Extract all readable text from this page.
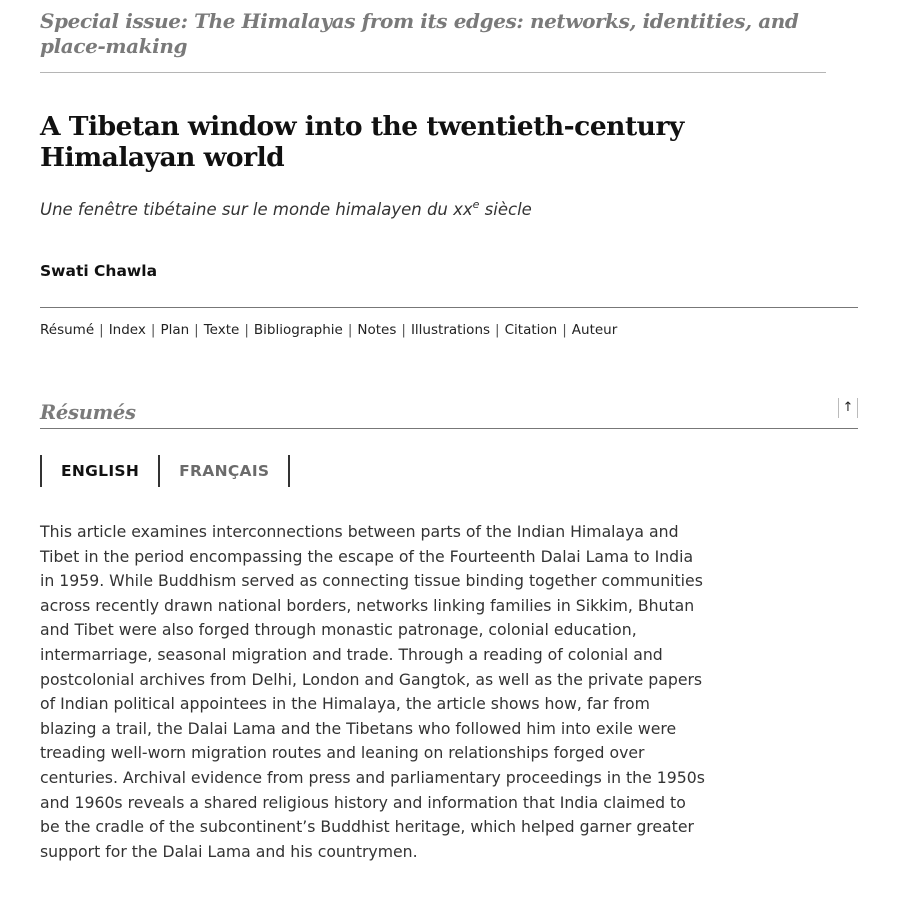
Special issue: The Himalayas from its edges: networks, identities, and place-making
A Tibetan window into the twentieth-century Himalayan world
Une fenêtre tibétaine sur le monde himalayen du $xx^e$ siècle
Swati Chawla
Résumé | Index | Plan | Texte | Bibliographie | Notes | Illustrations | Citation | Auteur
Résumés	↑
ENGLISH	FRANÇAIS

This article examines interconnections between parts of the Indian Himalaya and Tibet in the period encompassing the escape of the Fourteenth Dalai Lama to India in 1959. While Buddhism served as connecting tissue binding together communities across recently drawn national borders, networks linking families in Sikkim, Bhutan and Tibet were also forged through monastic patronage, colonial education, intermarriage, seasonal migration and trade. Through a reading of colonial and postcolonial archives from Delhi, London and Gangtok, as well as the private papers of Indian political appointees in the Himalaya, the article shows how, far from blazing a trail, the Dalai Lama and the Tibetans who followed him into exile were treading well-worn migration routes and leaning on relationships forged over centuries. Archival evidence from press and parliamentary proceedings in the 1950s and 1960s reveals a shared religious history and information that India claimed to be the cradle of the subcontinent’s Buddhist heritage, which helped garner greater support for the Dalai Lama and his countrymen.
